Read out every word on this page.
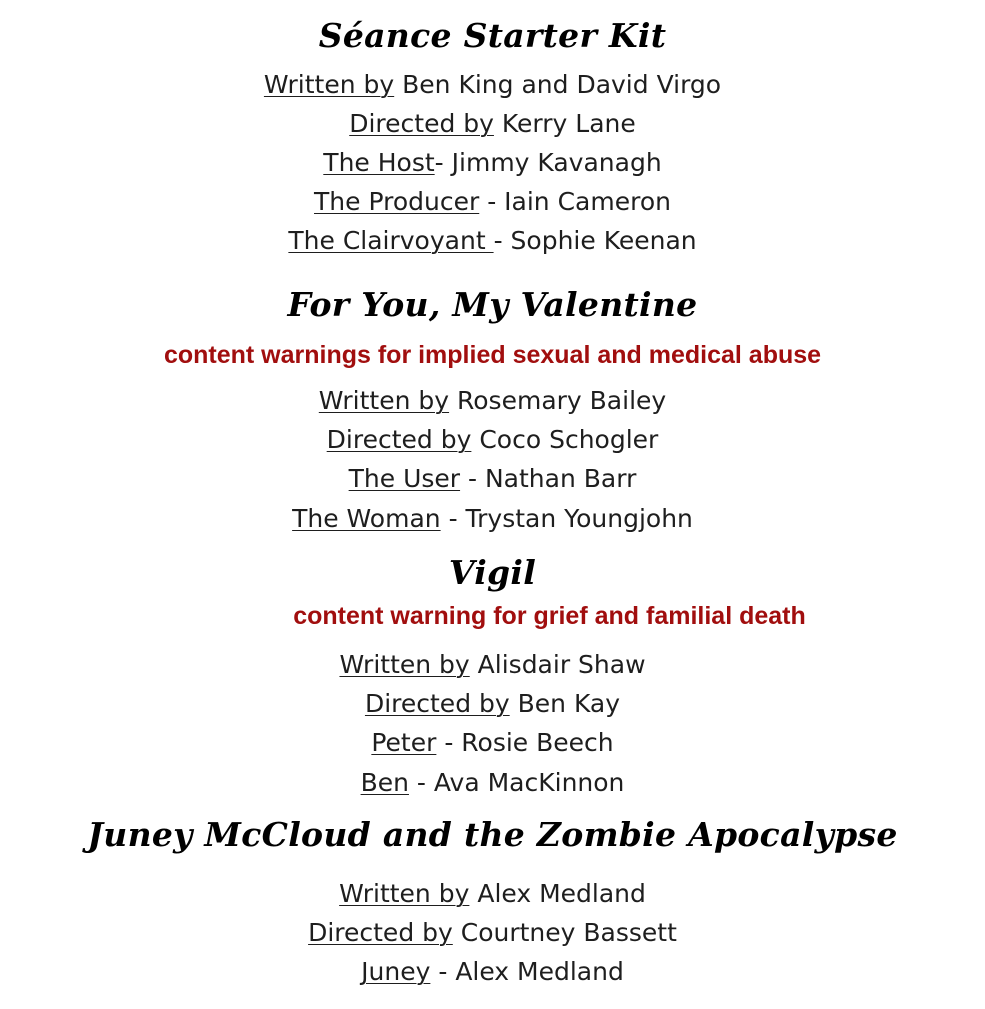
Séance Starter Kit
Written by Ben King and David Virgo
Directed by Kerry Lane
The Host- Jimmy Kavanagh
The Producer - Iain Cameron
The Clairvoyant - Sophie Keenan
For You, My Valentine
content warnings for implied sexual and medical abuse
Written by Rosemary Bailey
Directed by Coco Schogler
The User - Nathan Barr
The Woman - Trystan Youngjohn
Vigil
content warning for grief and familial death
Written by Alisdair Shaw
Directed by Ben Kay
Peter - Rosie Beech
Ben - Ava MacKinnon
Juney McCloud and the Zombie Apocalypse
Written by Alex Medland
Directed by Courtney Bassett
Juney - Alex Medland
